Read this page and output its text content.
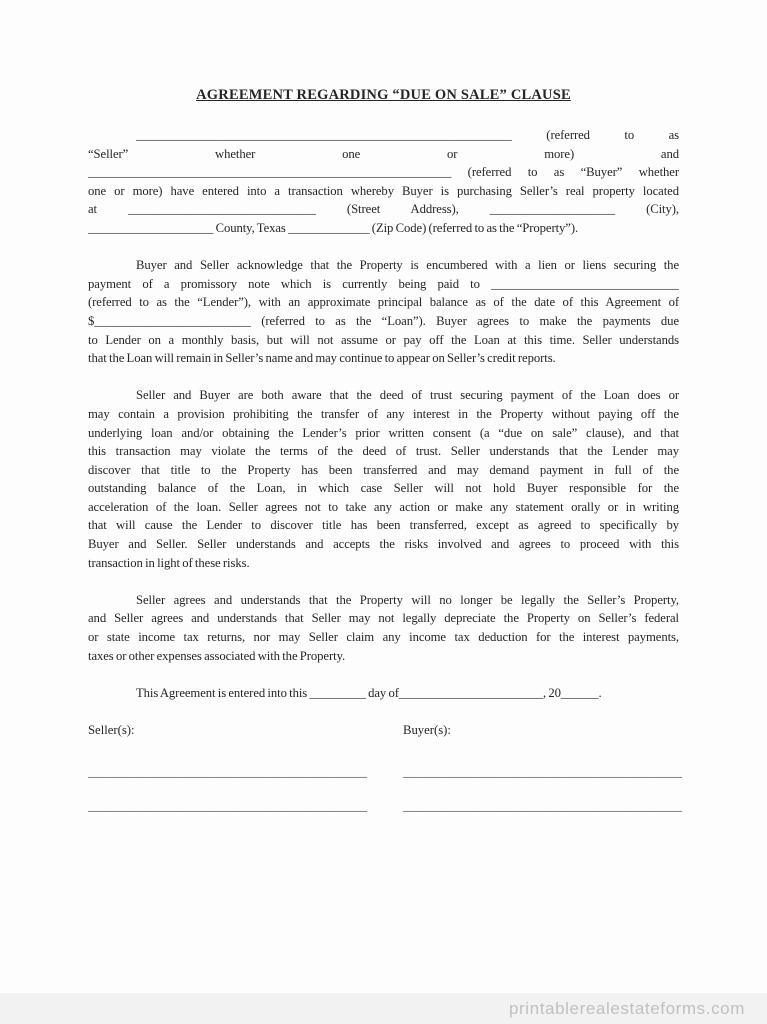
AGREEMENT REGARDING “DUE ON SALE” CLAUSE
____________________________________________________________ (referred to as
“Seller” whether one or more) and
__________________________________________________________ (referred to as “Buyer” whether
one or more) have entered into a transaction whereby Buyer is purchasing Seller’s real property located
at ______________________________ (Street Address), ____________________ (City),
____________________ County, Texas _____________ (Zip Code) (referred to as the “Property”).
Buyer and Seller acknowledge that the Property is encumbered with a lien or liens securing the
payment of a promissory note which is currently being paid to ______________________________
(referred to as the “Lender”), with an approximate principal balance as of the date of this Agreement of
$_________________________ (referred to as the “Loan”). Buyer agrees to make the payments due
to Lender on a monthly basis, but will not assume or pay off the Loan at this time. Seller understands
that the Loan will remain in Seller’s name and may continue to appear on Seller’s credit reports.
Seller and Buyer are both aware that the deed of trust securing payment of the Loan does or
may contain a provision prohibiting the transfer of any interest in the Property without paying off the
underlying loan and/or obtaining the Lender’s prior written consent (a “due on sale” clause), and that
this transaction may violate the terms of the deed of trust. Seller understands that the Lender may
discover that title to the Property has been transferred and may demand payment in full of the
outstanding balance of the Loan, in which case Seller will not hold Buyer responsible for the
acceleration of the loan. Seller agrees not to take any action or make any statement orally or in writing
that will cause the Lender to discover title has been transferred, except as agreed to specifically by
Buyer and Seller. Seller understands and accepts the risks involved and agrees to proceed with this
transaction in light of these risks.
Seller agrees and understands that the Property will no longer be legally the Seller’s Property,
and Seller agrees and understands that Seller may not legally depreciate the Property on Seller’s federal
or state income tax returns, nor may Seller claim any income tax deduction for the interest payments,
taxes or other expenses associated with the Property.
This Agreement is entered into this _________ day of_______________________, 20______.
Seller(s):
____________________________________________
____________________________________________
Buyer(s):
____________________________________________
____________________________________________
printablerealestateforms.com
